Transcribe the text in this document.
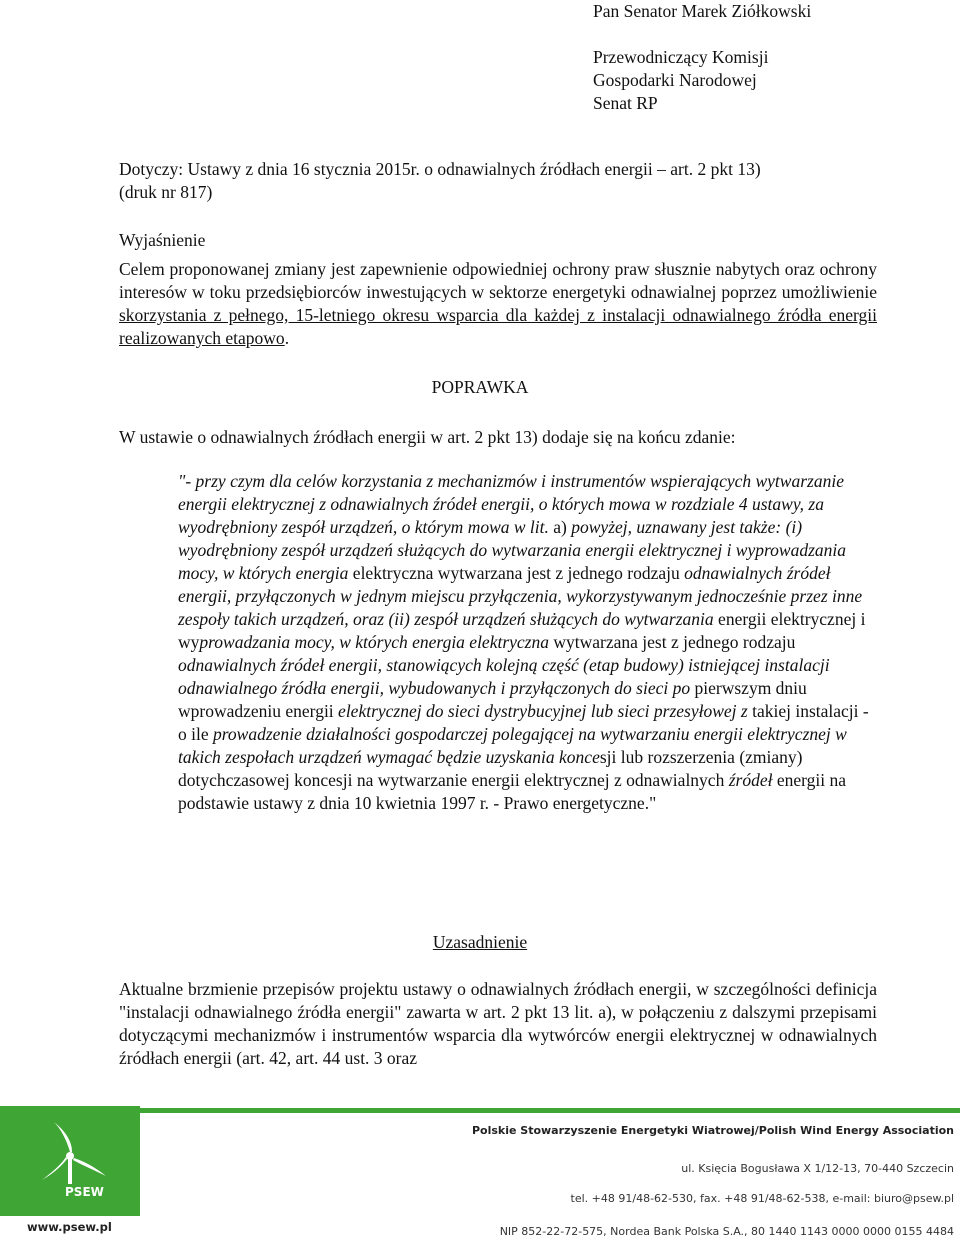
Pan Senator Marek Ziółkowski
Przewodniczący Komisji
Gospodarki Narodowej
Senat RP
Dotyczy: Ustawy z dnia 16 stycznia 2015r. o odnawialnych źródłach energii – art. 2 pkt 13)
(druk nr 817)
Wyjaśnienie
Celem proponowanej zmiany jest zapewnienie odpowiedniej ochrony praw słusznie nabytych oraz ochrony interesów w toku przedsiębiorców inwestujących w sektorze energetyki odnawialnej poprzez umożliwienie skorzystania z pełnego, 15-letniego okresu wsparcia dla każdej z instalacji odnawialnego źródła energii realizowanych etapowo.
POPRAWKA
W ustawie o odnawialnych źródłach energii w art. 2 pkt 13) dodaje się na końcu zdanie:
"- przy czym dla celów korzystania z mechanizmów i instrumentów wspierających wytwarzanie energii elektrycznej z odnawialnych źródeł energii, o których mowa w rozdziale 4 ustawy, za wyodrębniony zespół urządzeń, o którym mowa w lit. a) powyżej, uznawany jest także: (i) wyodrębniony zespół urządzeń służących do wytwarzania energii elektrycznej i wyprowadzania mocy, w których energia elektryczna wytwarzana jest z jednego rodzaju odnawialnych źródeł energii, przyłączonych w jednym miejscu przyłączenia, wykorzystywanym jednocześnie przez inne zespoły takich urządzeń, oraz (ii) zespół urządzeń służących do wytwarzania energii elektrycznej i wyprowadzania mocy, w których energia elektryczna wytwarzana jest z jednego rodzaju odnawialnych źródeł energii, stanowiących kolejną część (etap budowy) istniejącej instalacji odnawialnego źródła energii, wybudowanych i przyłączonych do sieci po pierwszym dniu wprowadzeniu energii elektrycznej do sieci dystrybucyjnej lub sieci przesyłowej z takiej instalacji - o ile prowadzenie działalności gospodarczej polegającej na wytwarzaniu energii elektrycznej w takich zespołach urządzeń wymagać będzie uzyskania koncesji lub rozszerzenia (zmiany) dotychczasowej koncesji na wytwarzanie energii elektrycznej z odnawialnych źródeł energii na podstawie ustawy z dnia 10 kwietnia 1997 r. - Prawo energetyczne."
Uzasadnienie
Aktualne brzmienie przepisów projektu ustawy o odnawialnych źródłach energii, w szczególności definicja "instalacji odnawialnego źródła energii" zawarta w art. 2 pkt 13 lit. a), w połączeniu z dalszymi przepisami dotyczącymi mechanizmów i instrumentów wsparcia dla wytwórców energii elektrycznej w odnawialnych źródłach energii (art. 42, art. 44 ust. 3 oraz
PSEW
www.psew.pl
Polskie Stowarzyszenie Energetyki Wiatrowej/Polish Wind Energy Association
ul. Księcia Bogusława X 1/12-13, 70-440 Szczecin
tel. +48 91/48-62-530, fax. +48 91/48-62-538, e-mail: biuro@psew.pl
NIP 852-22-72-575, Nordea Bank Polska S.A., 80 1440 1143 0000 0000 0155 4484
